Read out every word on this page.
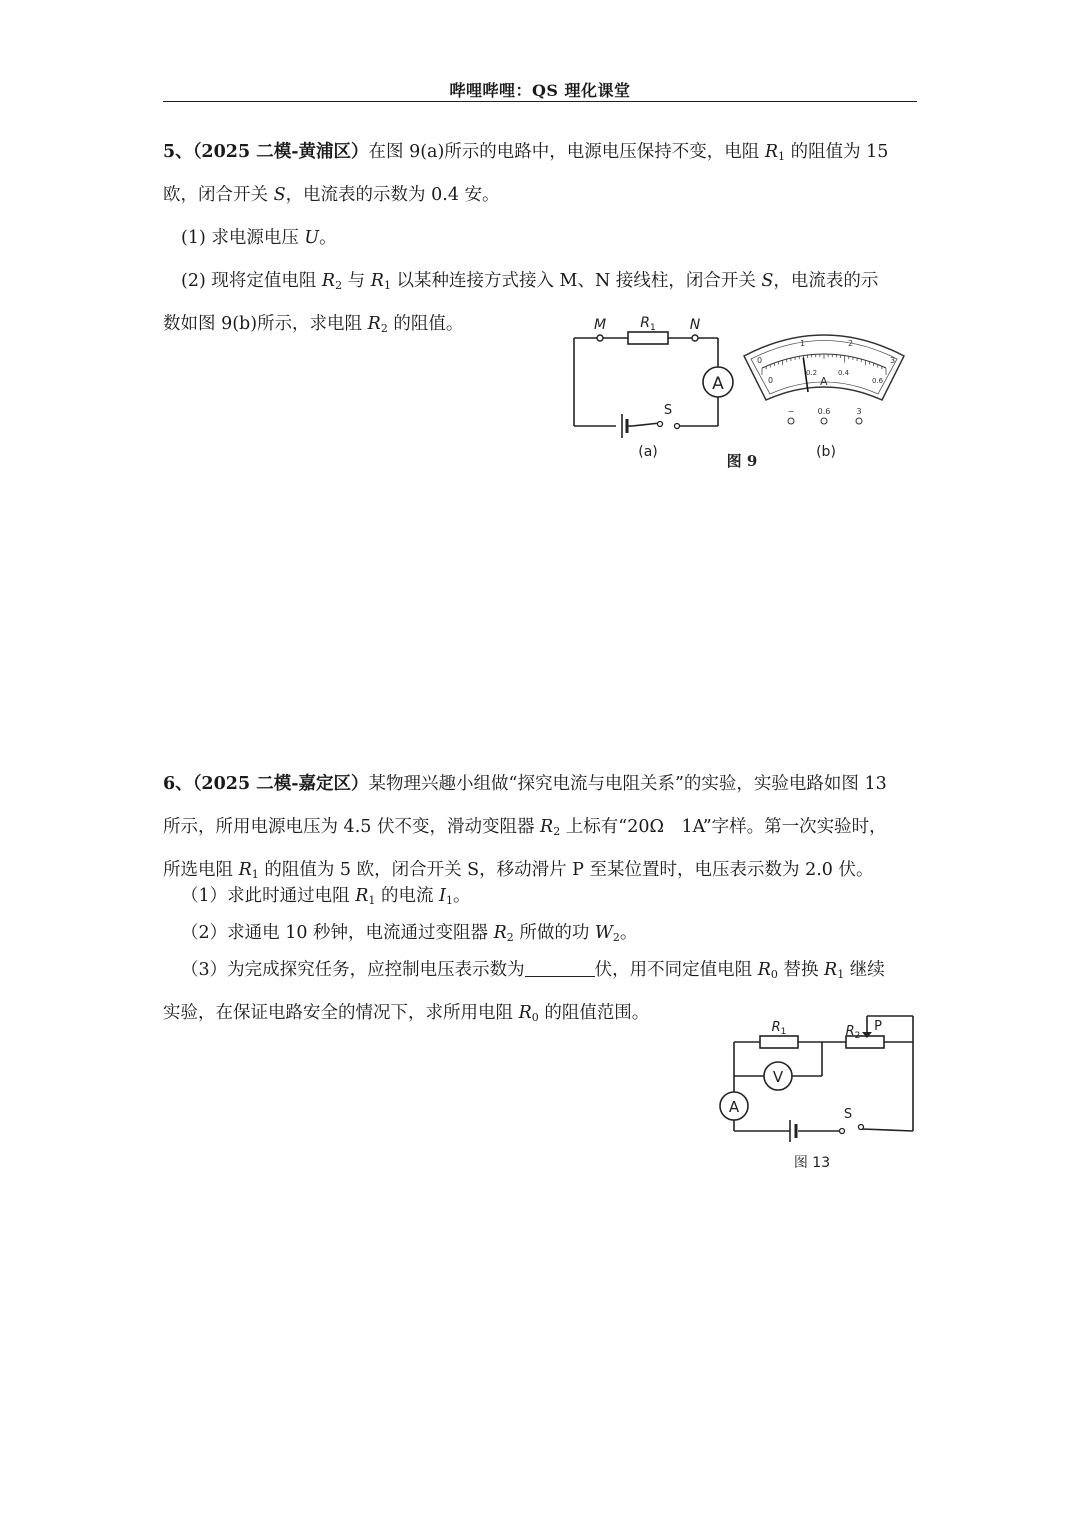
哔哩哔哩：QS 理化课堂
5、（2025 二模-黄浦区）在图 9(a)所示的电路中，电源电压保持不变，电阻 $R_1$ 的阻值为 15
欧，闭合开关 S，电流表的示数为 0.4 安。
(1) 求电源电压 U。
(2) 现将定值电阻 $R_2$ 与 $R_1$ 以某种连接方式接入 M、N 接线柱，闭合开关 S，电流表的示
数如图 9(b)所示，求电阻 $R_2$ 的阻值。
A
S
M $R_1$ N
(a)	图 9	(b)
0
1	2
3
0
0.2	0.4
0.6
A
−	0.6	3
6、（2025 二模-嘉定区）某物理兴趣小组做“探究电流与电阻关系”的实验，实验电路如图 13
所示，所用电源电压为 4.5 伏不变，滑动变阻器 $R_2$ 上标有“20Ω　1A”字样。第一次实验时，
所选电阻 $R_1$ 的阻值为 5 欧，闭合开关 S，移动滑片 P 至某位置时，电压表示数为 2.0 伏。
（1）求此时通过电阻 $R_1$ 的电流 $I_1$。
（2）求通电 10 秒钟，电流通过变阻器 $R_2$ 所做的功 $W_2$。
（3）为完成探究任务，应控制电压表示数为	伏，用不同定值电阻 $R_0$ 替换 $R_1$ 继续
实验，在保证电路安全的情况下，求所用电阻 $R_0$ 的阻值范围。
V
A	S
$R_1$	$R_2$
P
图 13
